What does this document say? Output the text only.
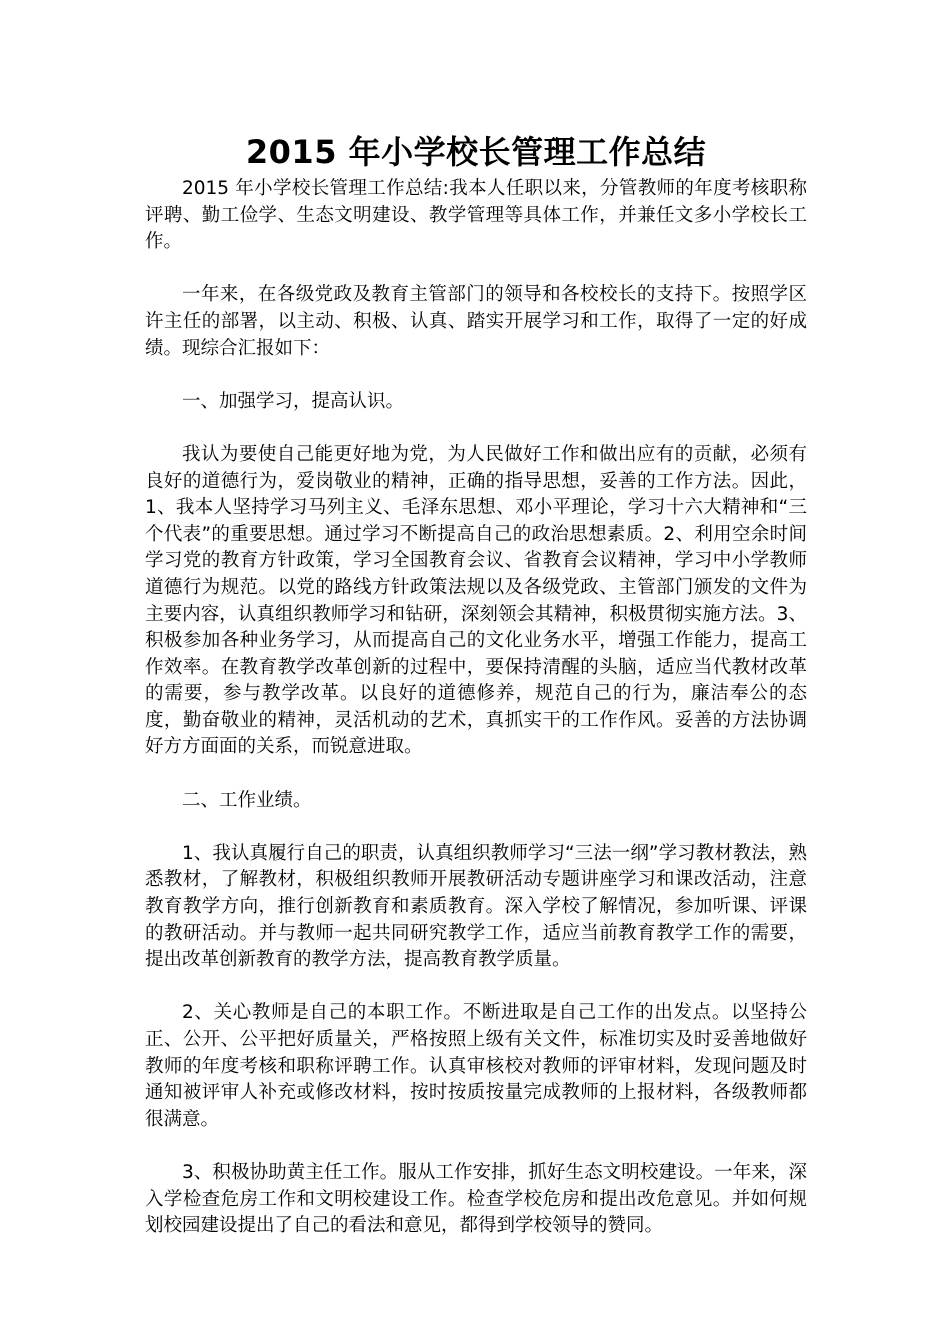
2015 年小学校长管理工作总结

2015 年小学校长管理工作总结:我本人任职以来，分管教师的年度考核职称评聘、勤工俭学、生态文明建设、教学管理等具体工作，并兼任文多小学校长工作。

一年来，在各级党政及教育主管部门的领导和各校校长的支持下。按照学区许主任的部署，以主动、积极、认真、踏实开展学习和工作，取得了一定的好成绩。现综合汇报如下：

一、加强学习，提高认识。

我认为要使自己能更好地为党，为人民做好工作和做出应有的贡献，必须有良好的道德行为，爱岗敬业的精神，正确的指导思想，妥善的工作方法。因此，1、我本人坚持学习马列主义、毛泽东思想、邓小平理论，学习十六大精神和“三个代表”的重要思想。通过学习不断提高自己的政治思想素质。2、利用空余时间学习党的教育方针政策，学习全国教育会议、省教育会议精神，学习中小学教师道德行为规范。以党的路线方针政策法规以及各级党政、主管部门颁发的文件为主要内容，认真组织教师学习和钻研，深刻领会其精神，积极贯彻实施方法。3、积极参加各种业务学习，从而提高自己的文化业务水平，增强工作能力，提高工作效率。在教育教学改革创新的过程中，要保持清醒的头脑，适应当代教材改革的需要，参与教学改革。以良好的道德修养，规范自己的行为，廉洁奉公的态度，勤奋敬业的精神，灵活机动的艺术，真抓实干的工作作风。妥善的方法协调好方方面面的关系，而锐意进取。

二、工作业绩。

1、我认真履行自己的职责，认真组织教师学习“三法一纲”学习教材教法，熟悉教材，了解教材，积极组织教师开展教研活动专题讲座学习和课改活动，注意教育教学方向，推行创新教育和素质教育。深入学校了解情况，参加听课、评课的教研活动。并与教师一起共同研究教学工作，适应当前教育教学工作的需要，提出改革创新教育的教学方法，提高教育教学质量。

2、关心教师是自己的本职工作。不断进取是自己工作的出发点。以坚持公正、公开、公平把好质量关，严格按照上级有关文件，标准切实及时妥善地做好教师的年度考核和职称评聘工作。认真审核校对教师的评审材料，发现问题及时通知被评审人补充或修改材料，按时按质按量完成教师的上报材料，各级教师都很满意。

3、积极协助黄主任工作。服从工作安排，抓好生态文明校建设。一年来，深入学检查危房工作和文明校建设工作。检查学校危房和提出改危意见。并如何规划校园建设提出了自己的看法和意见，都得到学校领导的赞同。
